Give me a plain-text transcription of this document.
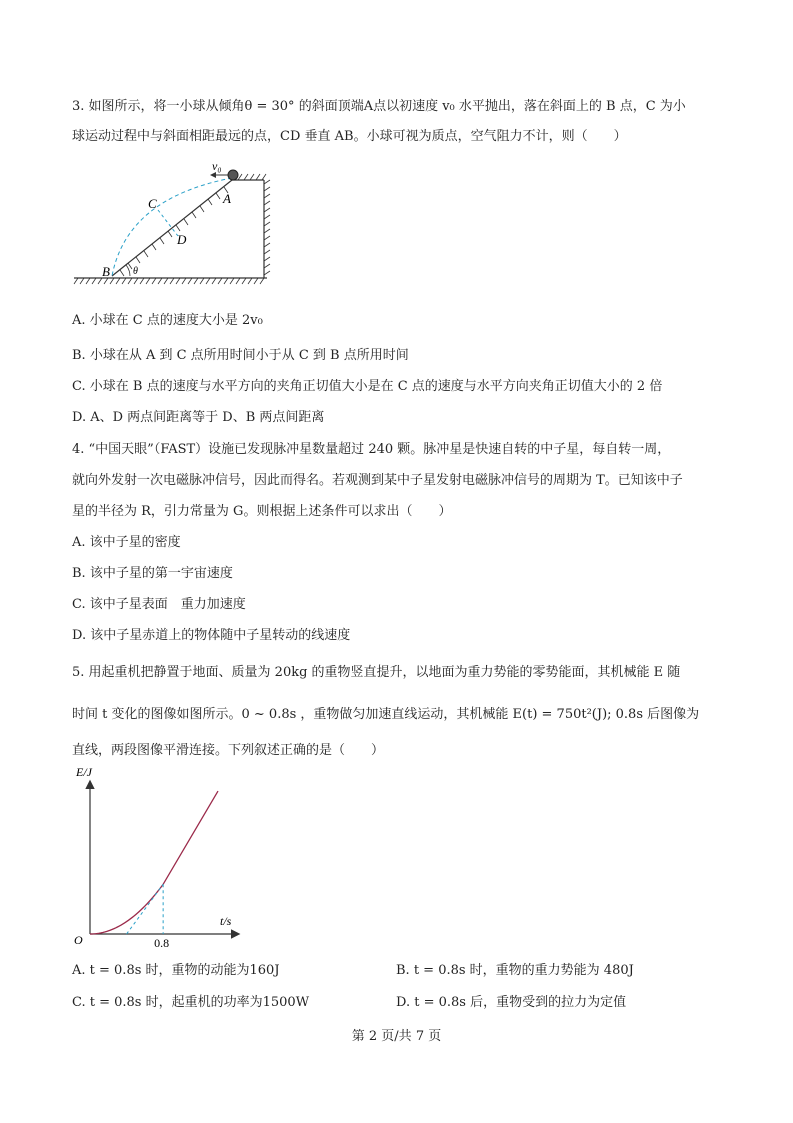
3. 如图所示，将一小球从倾角θ = 30° 的斜面顶端A点以初速度 v₀ 水平抛出，落在斜面上的 B 点，C 为小
球运动过程中与斜面相距最远的点，CD 垂直 AB。小球可视为质点，空气阻力不计，则（　　）
v₀
A
C
D
B θ
A. 小球在 C 点的速度大小是 2v₀
B. 小球在从 A 到 C 点所用时间小于从 C 到 B 点所用时间
C. 小球在 B 点的速度与水平方向的夹角正切值大小是在 C 点的速度与水平方向夹角正切值大小的 2 倍
D. A、D 两点间距离等于 D、B 两点间距离
4. “中国天眼”（FAST）设施已发现脉冲星数量超过 240 颗。脉冲星是快速自转的中子星，每自转一周，
就向外发射一次电磁脉冲信号，因此而得名。若观测到某中子星发射电磁脉冲信号的周期为 T。已知该中子
星的半径为 R，引力常量为 G。则根据上述条件可以求出（　　）
A. 该中子星的密度
B. 该中子星的第一宇宙速度
C. 该中子星表面　重力加速度
D. 该中子星赤道上的物体随中子星转动的线速度
5. 用起重机把静置于地面、质量为 20kg 的重物竖直提升，以地面为重力势能的零势能面，其机械能 E 随
时间 t 变化的图像如图所示。0 ~ 0.8s ，重物做匀加速直线运动，其机械能 E(t) = 750t²(J); 0.8s 后图像为
直线，两段图像平滑连接。下列叙述正确的是（　　）
E/J
t/s
O	0.8
A. t = 0.8s 时，重物的动能为160J	B. t = 0.8s 时，重物的重力势能为 480J
C. t = 0.8s 时，起重机的功率为1500W	D. t = 0.8s 后，重物受到的拉力为定值
第 2 页/共 7 页
